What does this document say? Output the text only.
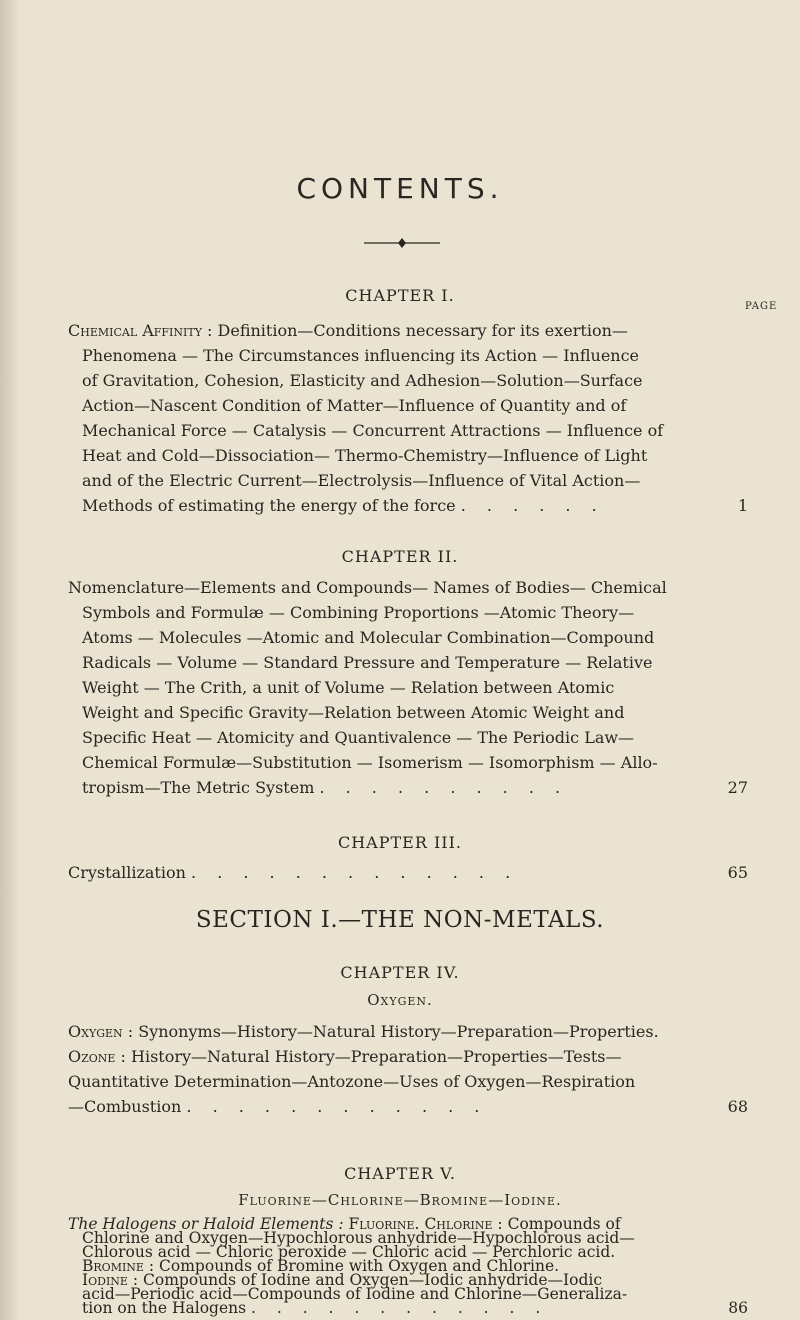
CONTENTS.
CHAPTER I.
PAGE
Chemical Affinity : Definition—Conditions necessary for its exertion—
Phenomena — The Circumstances influencing its Action — Influence
of Gravitation, Cohesion, Elasticity and Adhesion—Solution—Surface
Action—Nascent Condition of Matter—Influence of Quantity and of
Mechanical Force — Catalysis — Concurrent Attractions — Influence of
Heat and Cold—Dissociation— Thermo-Chemistry—Influence of Light
and of the Electric Current—Electrolysis—Influence of Vital Action—
Methods of estimating the energy of the force . . . . . .	1
CHAPTER II.
Nomenclature—Elements and Compounds— Names of Bodies— Chemical
Symbols and Formulæ — Combining Proportions —Atomic Theory—
Atoms — Molecules —Atomic and Molecular Combination—Compound
Radicals — Volume — Standard Pressure and Temperature — Relative
Weight — The Crith, a unit of Volume — Relation between Atomic
Weight and Specific Gravity—Relation between Atomic Weight and
Specific Heat — Atomicity and Quantivalence — The Periodic Law—
Chemical Formulæ—Substitution — Isomerism — Isomorphism — Allo-
tropism—The Metric System . . . . . . . . . .	27
CHAPTER III.
Crystallization . . . . . . . . . . . . .	65
SECTION I.—THE NON-METALS.
CHAPTER IV.
Oxygen.
Oxygen : Synonyms—History—Natural History—Preparation—Properties.
Ozone : History—Natural History—Preparation—Properties—Tests—
Quantitative Determination—Antozone—Uses of Oxygen—Respiration
—Combustion . . . . . . . . . . . .	68
CHAPTER V.
Fluorine—Chlorine—Bromine—Iodine.
The Halogens or Haloid Elements : Fluorine. Chlorine : Compounds of
Chlorine and Oxygen—Hypochlorous anhydride—Hypochlorous acid—
Chlorous acid — Chloric peroxide — Chloric acid — Perchloric acid.
Bromine : Compounds of Bromine with Oxygen and Chlorine.
Iodine : Compounds of Iodine and Oxygen—Iodic anhydride—Iodic
acid—Periodic acid—Compounds of Iodine and Chlorine—Generaliza-
tion on the Halogens . . . . . . . . . . . .	86
